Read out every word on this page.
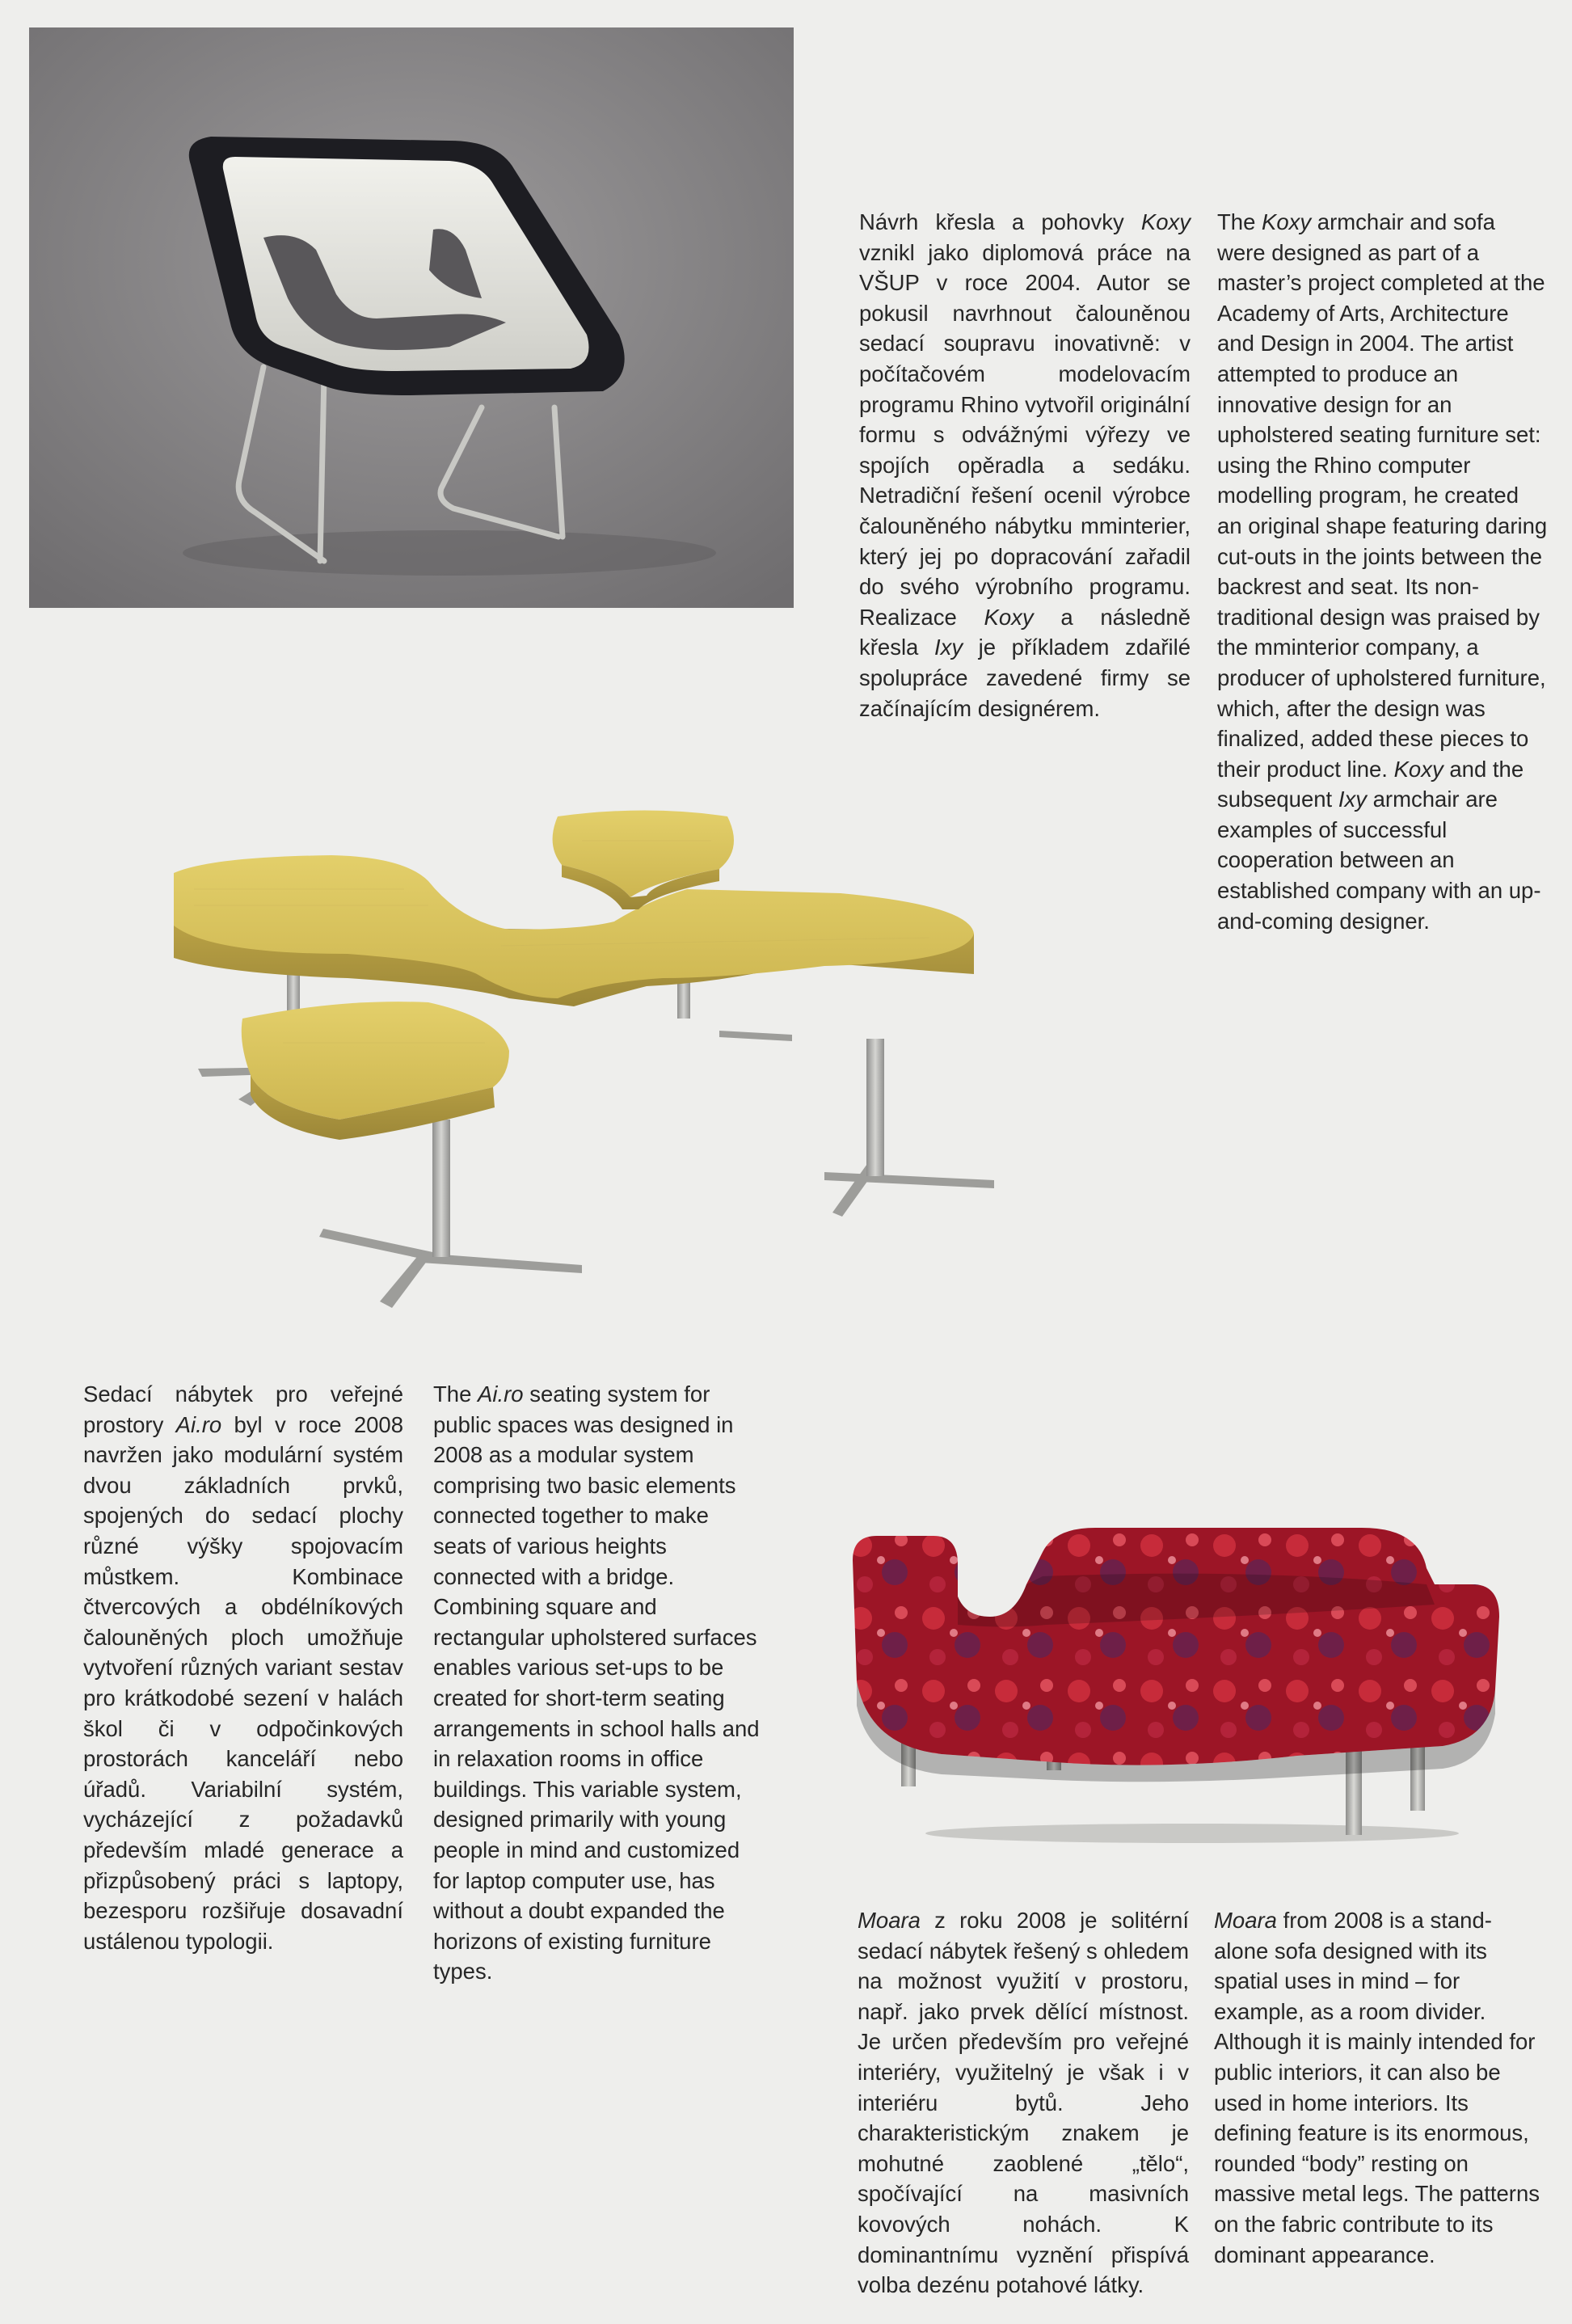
Návrh křesla a pohovky Koxy vznikl jako diplomová práce na VŠUP v roce 2004. Autor se pokusil navrhnout čalouněnou sedací soupravu inovativně: v počítačovém modelovacím programu Rhino vytvořil originální formu s odvážnými výřezy ve spojích opěradla a sedáku. Netradiční řešení ocenil výrobce čalouněného nábytku mminterier, který jej po dopracování zařadil do svého výrobního programu. Realizace Koxy a následně křesla Ixy je příkladem zdařilé spolupráce zavedené firmy se začínajícím designérem.

The Koxy armchair and sofa were designed as part of a master’s project completed at the Academy of Arts, Architecture and Design in 2004. The artist attempted to produce an innovative design for an upholstered seating furniture set: using the Rhino computer modelling program, he created an original shape featuring daring cut-outs in the joints between the backrest and seat. Its non-traditional design was praised by the mminterior company, a producer of upholstered furniture, which, after the design was finalized, added these pieces to their product line. Koxy and the subsequent Ixy armchair are examples of successful cooperation between an established company with an up-and-coming designer.

Sedací nábytek pro veřejné prostory Ai.ro byl v roce 2008 navržen jako modulární systém dvou základních prvků, spojených do sedací plochy různé výšky spojovacím můstkem. Kombinace čtvercových a obdélníkových čalouněných ploch umožňuje vytvoření různých variant sestav pro krátkodobé sezení v halách škol či v odpočinkových prostorách kanceláří nebo úřadů. Variabilní systém, vycházející z požadavků především mladé generace a přizpůsobený práci s laptopy, bezesporu rozšiřuje dosavadní ustálenou typologii.

The Ai.ro seating system for public spaces was designed in 2008 as a modular system comprising two basic elements connected together to make seats of various heights connected with a bridge. Combining square and rectangular upholstered surfaces enables various set-ups to be created for short-term seating arrangements in school halls and in relaxation rooms in office buildings. This variable system, designed primarily with young people in mind and customized for laptop computer use, has without a doubt expanded the horizons of existing furniture types.

Moara z roku 2008 je solitérní sedací nábytek řešený s ohledem na možnost využití v prostoru, např. jako prvek dělící místnost. Je určen především pro veřejné interiéry, využitelný je však i v interiéru bytů. Jeho charakteristickým znakem je mohutné zaoblené „tělo“, spočívající na masivních kovových nohách. K dominantnímu vyznění přispívá volba dezénu potahové látky.

Moara from 2008 is a stand-alone sofa designed with its spatial uses in mind – for example, as a room divider. Although it is mainly intended for public interiors, it can also be used in home interiors. Its defining feature is its enormous, rounded “body” resting on massive metal legs. The patterns on the fabric contribute to its dominant appearance.
